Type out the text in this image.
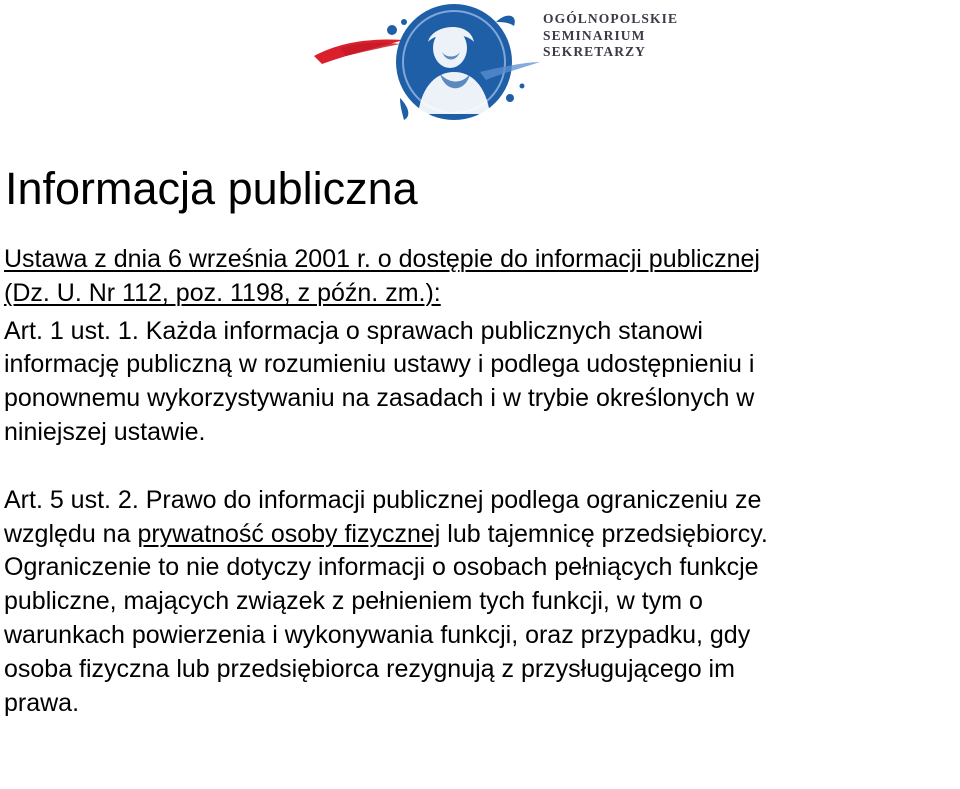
OGÓLNOPOLSKIE
SEMINARIUM
SEKRETARZY
Informacja publiczna

Ustawa z dnia 6 września 2001 r. o dostępie do informacji publicznej
(Dz. U. Nr 112, poz. 1198, z późn. zm.):

Art. 1 ust. 1. Każda informacja o sprawach publicznych stanowi
informację publiczną w rozumieniu ustawy i podlega udostępnieniu i
ponownemu wykorzystywaniu na zasadach i w trybie określonych w
niniejszej ustawie.

Art. 5 ust. 2. Prawo do informacji publicznej podlega ograniczeniu ze
względu na prywatność osoby fizycznej lub tajemnicę przedsiębiorcy.
Ograniczenie to nie dotyczy informacji o osobach pełniących funkcje
publiczne, mających związek z pełnieniem tych funkcji, w tym o
warunkach powierzenia i wykonywania funkcji, oraz przypadku, gdy
osoba fizyczna lub przedsiębiorca rezygnują z przysługującego im
prawa.
